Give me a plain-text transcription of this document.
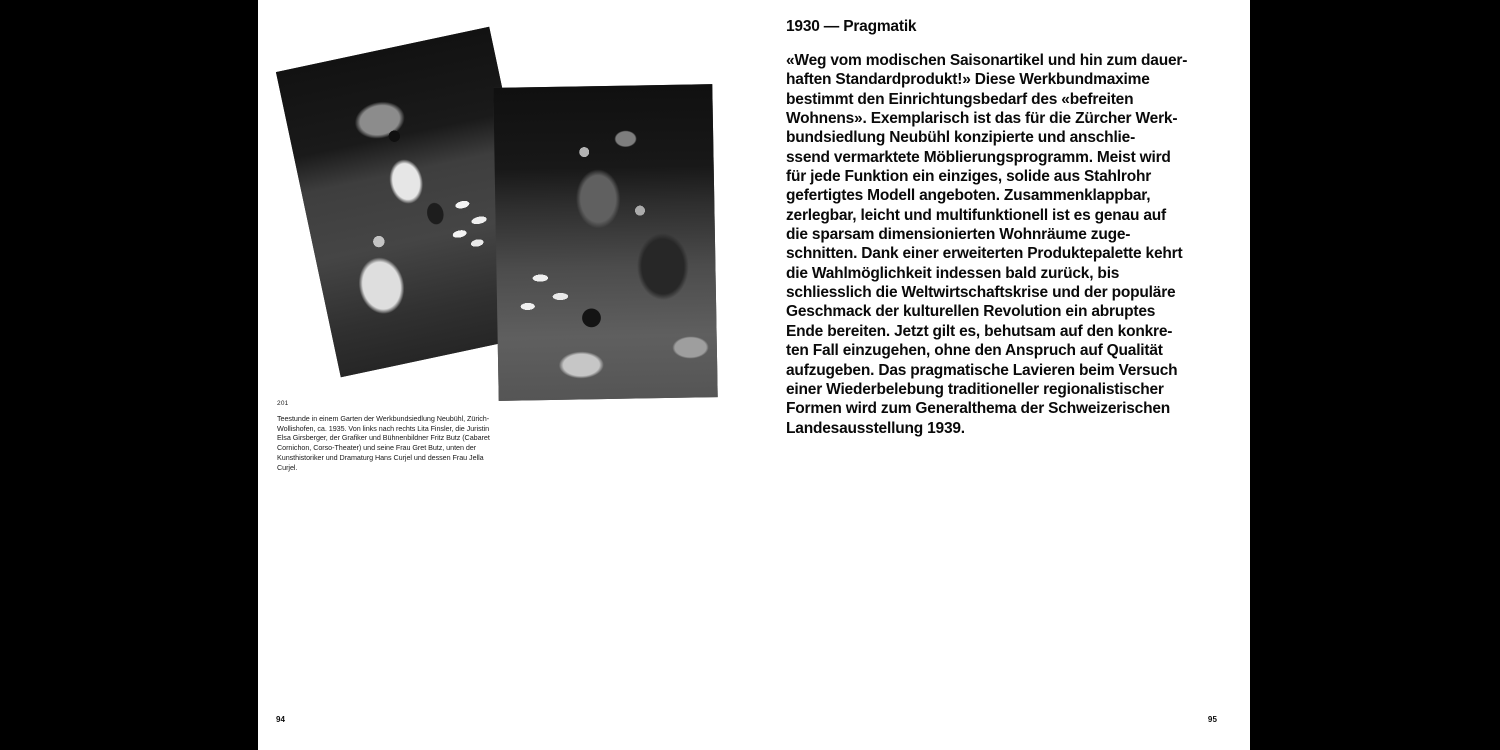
201
Teestunde in einem Garten der Werkbundsiedlung Neubühl, Zürich-
Wollishofen, ca. 1935. Von links nach rechts Lita Finsler, die Juristin
Elsa Girsberger, der Grafiker und Bühnenbildner Fritz Butz (Cabaret
Cornichon, Corso-Theater) und seine Frau Gret Butz, unten der
Kunsthistoriker und Dramaturg Hans Curjel und dessen Frau Jella
Curjel.
94
1930 — Pragmatik
«Weg vom modischen Saisonartikel und hin zum dauer-
haften Standardprodukt!» Diese Werkbundmaxime
bestimmt den Einrichtungsbedarf des «befreiten
Wohnens». Exemplarisch ist das für die Zürcher Werk-
bundsiedlung Neubühl konzipierte und anschlie-
ssend vermarktete Möblierungsprogramm. Meist wird
für jede Funktion ein einziges, solide aus Stahlrohr
gefertigtes Modell angeboten. Zusammenklappbar,
zerlegbar, leicht und multifunktionell ist es genau auf
die sparsam dimensionierten Wohnräume zuge-
schnitten. Dank einer erweiterten Produktepalette kehrt
die Wahlmöglichkeit indessen bald zurück, bis
schliesslich die Weltwirtschaftskrise und der populäre
Geschmack der kulturellen Revolution ein abruptes
Ende bereiten. Jetzt gilt es, behutsam auf den konkre-
ten Fall einzugehen, ohne den Anspruch auf Qualität
aufzugeben. Das pragmatische Lavieren beim Versuch
einer Wiederbelebung traditioneller regionalistischer
Formen wird zum Generalthema der Schweizerischen
Landesausstellung 1939.
95
